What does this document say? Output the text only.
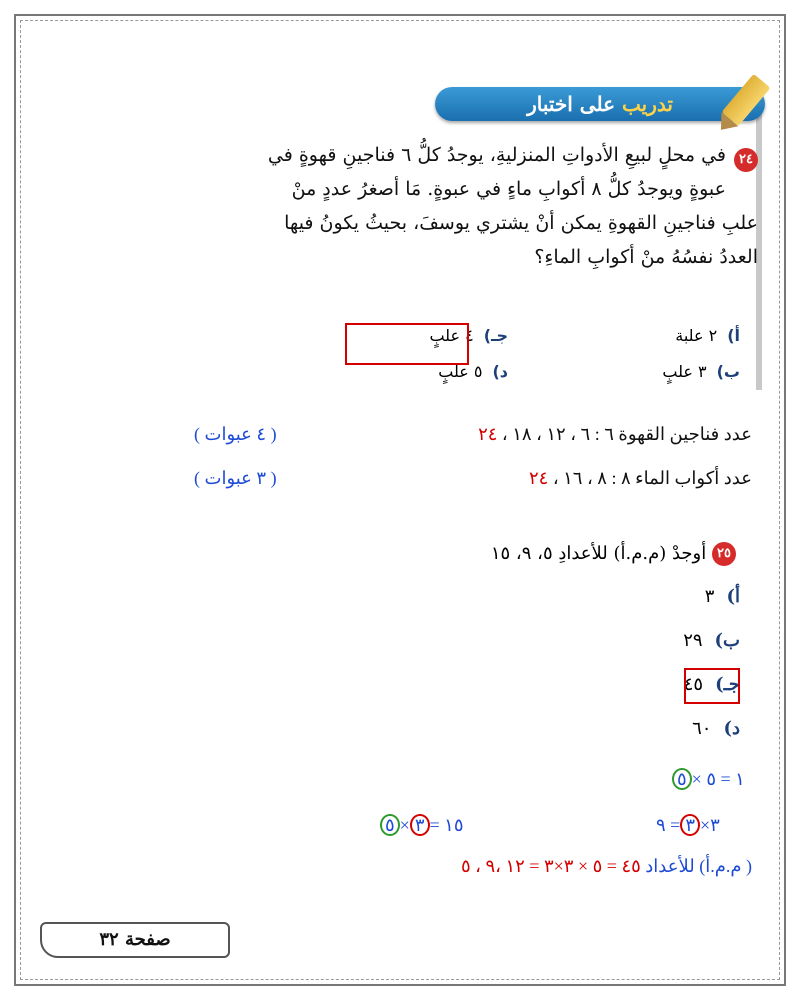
تدريب على اختبار
٢٤
في محلٍ لبيعِ الأدواتِ المنزليةِ، يوجدُ كلُّ ٦ فناجينِ قهوةٍ في عبوةٍ ويوجدُ كلُّ ٨ أكوابِ ماءٍ في عبوةٍ. مَا أصغرُ عددٍ منْ علبِ فناجينِ القهوةِ يمكن أنْ يشتري يوسفَ، بحيثُ يكونُ فيها العددُ نفسُهُ منْ أكوابِ الماءِ؟
أ)٢ علبة
جـ)٤ علبٍ
ب)٣ علبٍ
د)٥ علبٍ
عدد فناجين القهوة ٦ : ٦ ، ١٢ ، ١٨ ، ٢٤
( ٤ عبوات )
عدد أكواب الماء ٨ : ٨ ، ١٦ ، ٢٤
( ٣ عبوات )
٢٥ أوجدْ (م.م.أ) للأعدادِ ٥، ٩، ١٥
أ)٣
ب)٢٩
جـ)٤٥
د)٦٠
٥ × ١ = ٥
٥ × ٣ = ١٥	٣×٣= ٩
( م.م.أ) للأعداد ٤٥ = ٥ × ٣×٣ = ١٢ ،٩ ، ٥
صفحة ٣٢
